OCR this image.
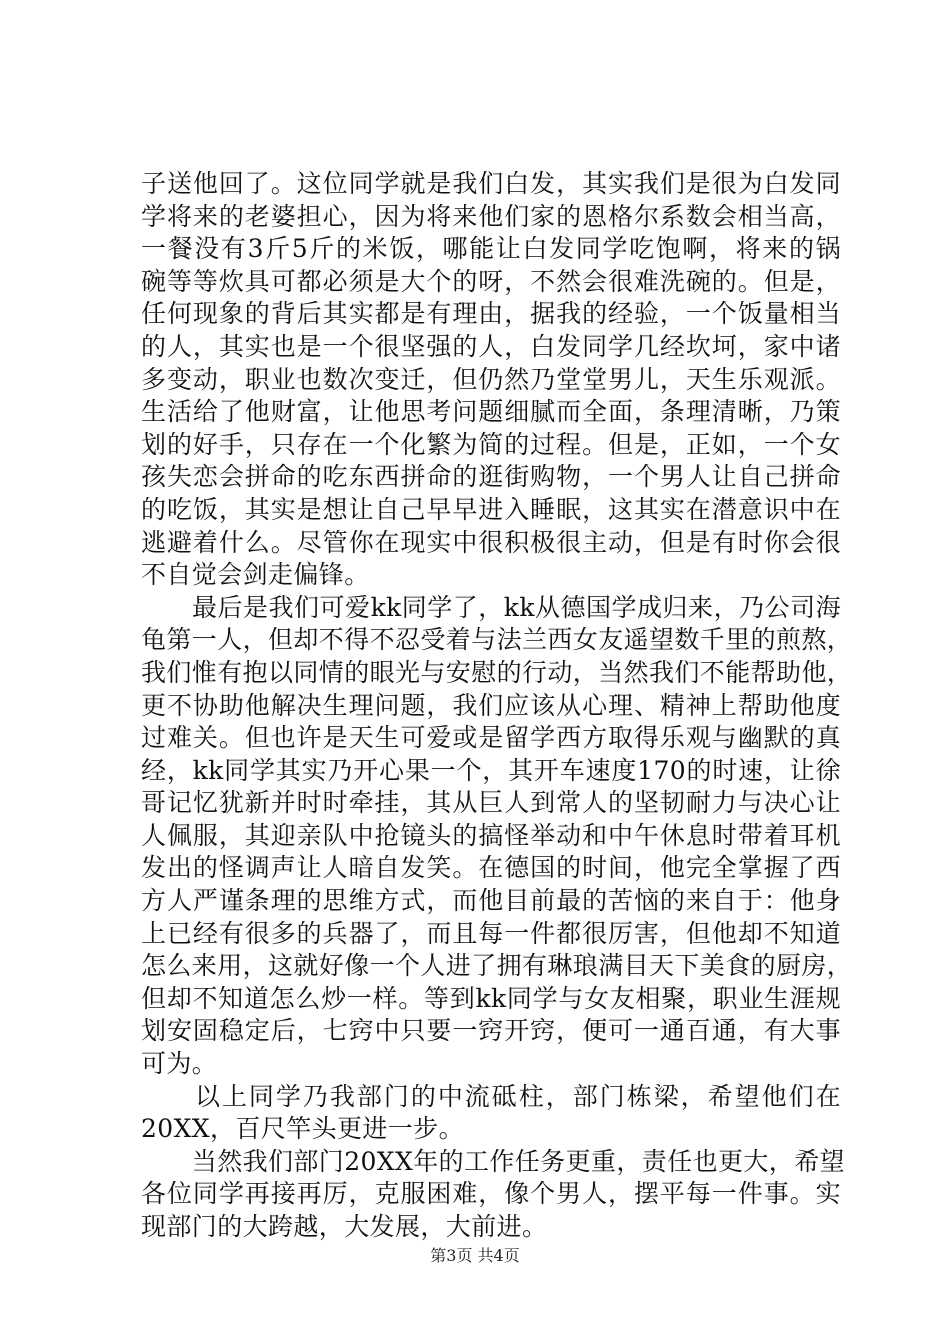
子送他回了。这位同学就是我们白发，其实我们是很为白发同
学将来的老婆担心，因为将来他们家的恩格尔系数会相当高，
一餐没有3斤5斤的米饭，哪能让白发同学吃饱啊，将来的锅
碗等等炊具可都必须是大个的呀，不然会很难洗碗的。但是，
任何现象的背后其实都是有理由，据我的经验，一个饭量相当
的人，其实也是一个很坚强的人，白发同学几经坎坷，家中诸
多变动，职业也数次变迁，但仍然乃堂堂男儿，天生乐观派。
生活给了他财富，让他思考问题细腻而全面，条理清晰，乃策
划的好手，只存在一个化繁为简的过程。但是，正如，一个女
孩失恋会拼命的吃东西拼命的逛街购物，一个男人让自己拼命
的吃饭，其实是想让自己早早进入睡眠，这其实在潜意识中在
逃避着什么。尽管你在现实中很积极很主动，但是有时你会很
不自觉会剑走偏锋。
　　最后是我们可爱kk同学了，kk从德国学成归来，乃公司海
龟第一人，但却不得不忍受着与法兰西女友遥望数千里的煎熬，
我们惟有抱以同情的眼光与安慰的行动，当然我们不能帮助他，
更不协助他解决生理问题，我们应该从心理、精神上帮助他度
过难关。但也许是天生可爱或是留学西方取得乐观与幽默的真
经，kk同学其实乃开心果一个，其开车速度170的时速，让徐
哥记忆犹新并时时牵挂，其从巨人到常人的坚韧耐力与决心让
人佩服，其迎亲队中抢镜头的搞怪举动和中午休息时带着耳机
发出的怪调声让人暗自发笑。在德国的时间，他完全掌握了西
方人严谨条理的思维方式，而他目前最的苦恼的来自于：他身
上已经有很多的兵器了，而且每一件都很厉害，但他却不知道
怎么来用，这就好像一个人进了拥有琳琅满目天下美食的厨房，
但却不知道怎么炒一样。等到kk同学与女友相聚，职业生涯规
划安固稳定后，七窍中只要一窍开窍，便可一通百通，有大事
可为。
　　以上同学乃我部门的中流砥柱，部门栋梁，希望他们在
20XX，百尺竿头更进一步。
　　当然我们部门20XX年的工作任务更重，责任也更大，希望
各位同学再接再厉，克服困难，像个男人，摆平每一件事。实
现部门的大跨越，大发展，大前进。
第3页 共4页
